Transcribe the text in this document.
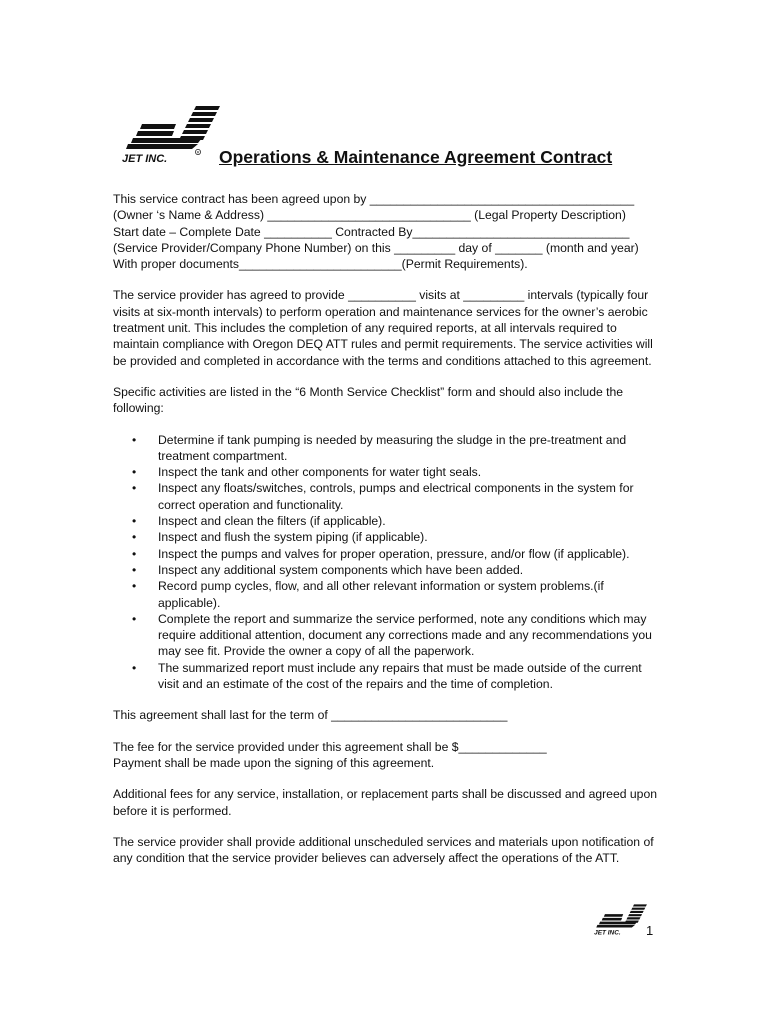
JET INC.
R Operations & Maintenance Agreement Contract
This service contract has been agreed upon by _______________________________________
(Owner ‘s Name & Address) ______________________________ (Legal Property Description)
Start date – Complete Date __________ Contracted By________________________________
(Service Provider/Company Phone Number) on this _________ day of _______ (month and year)
With proper documents________________________(Permit Requirements).

The service provider has agreed to provide __________ visits at _________ intervals (typically four visits at six-month intervals) to perform operation and maintenance services for the owner’s aerobic treatment unit. This includes the completion of any required reports, at all intervals required to maintain compliance with Oregon DEQ ATT rules and permit requirements. The service activities will be provided and completed in accordance with the terms and conditions attached to this agreement.

Specific activities are listed in the “6 Month Service Checklist” form and should also include the following:

• Determine if tank pumping is needed by measuring the sludge in the pre-treatment and treatment compartment.
• Inspect the tank and other components for water tight seals.
• Inspect any floats/switches, controls, pumps and electrical components in the system for correct operation and functionality.
• Inspect and clean the filters (if applicable).
• Inspect and flush the system piping (if applicable).
• Inspect the pumps and valves for proper operation, pressure, and/or flow (if applicable).
• Inspect any additional system components which have been added.
• Record pump cycles, flow, and all other relevant information or system problems.(if applicable).
• Complete the report and summarize the service performed, note any conditions which may require additional attention, document any corrections made and any recommendations you may see fit. Provide the owner a copy of all the paperwork.
• The summarized report must include any repairs that must be made outside of the current visit and an estimate of the cost of the repairs and the time of completion.

This agreement shall last for the term of __________________________

The fee for the service provided under this agreement shall be $_____________

Payment shall be made upon the signing of this agreement.

Additional fees for any service, installation, or replacement parts shall be discussed and agreed upon before it is performed.

The service provider shall provide additional unscheduled services and materials upon notification of any condition that the service provider believes can adversely affect the operations of the ATT.

JET INC. 1
